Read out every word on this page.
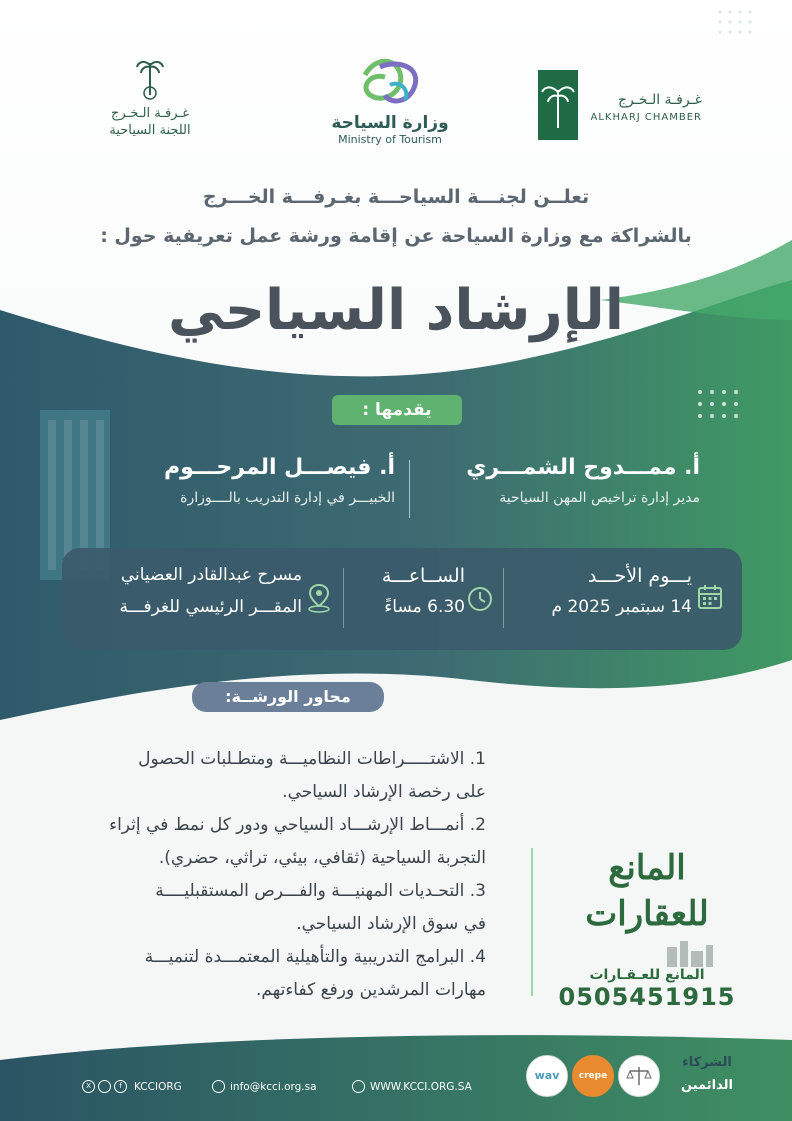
غـرفـة الـخـرج
اللجنة السياحية	وزارة السياحة
Ministry of Tourism
غـرفـة الـخـرج
ALKHARJ CHAMBER
تعلــن لجنـــة السياحـــة بغـرفـــة الخـــرج
بالشراكة مع وزارة السياحة عن إقامة ورشة عمل تعريفية حول :
الإرشاد السياحي
يقدمها :
أ. ممـــدوح الشمـــري
مدير إدارة تراخيص المهن السياحية
أ. فيصـــل المرحـــوم
الخبيـــر في إدارة التدريب بالــــوزارة
يـــوم الأحـــد
14 سبتمبر 2025 م
الســاعـــة
6.30 مساءً
مسرح عبدالقادر العضياني
المقـــر الرئيسي للغرفـــة
محاور الورشــة:
1. الاشتـــــراطات النظاميـــة ومتطـلبات الحصول
على رخصة الإرشاد السياحي.
2. أنمـــاط الإرشـــاد السياحي ودور كل نمط في إثراء
التجربة السياحية (ثقافي، بيئي، تراثي، حضري).
3. التحـديات المهنيـــة والفـــرص المستقبليــــة
في سوق الإرشاد السياحي.
4. البرامج التدريبية والتأهيلية المعتمـــدة لتنميـــة
مهارات المرشدين ورفع كفاءتهم.
المانع للعقارات
المانع للعـقـارات
0505451915
X	f	KCCIORG	info@kcci.org.sa	WWW.KCCI.ORG.SA
wav	crepe
الشركاء
الدائمين
